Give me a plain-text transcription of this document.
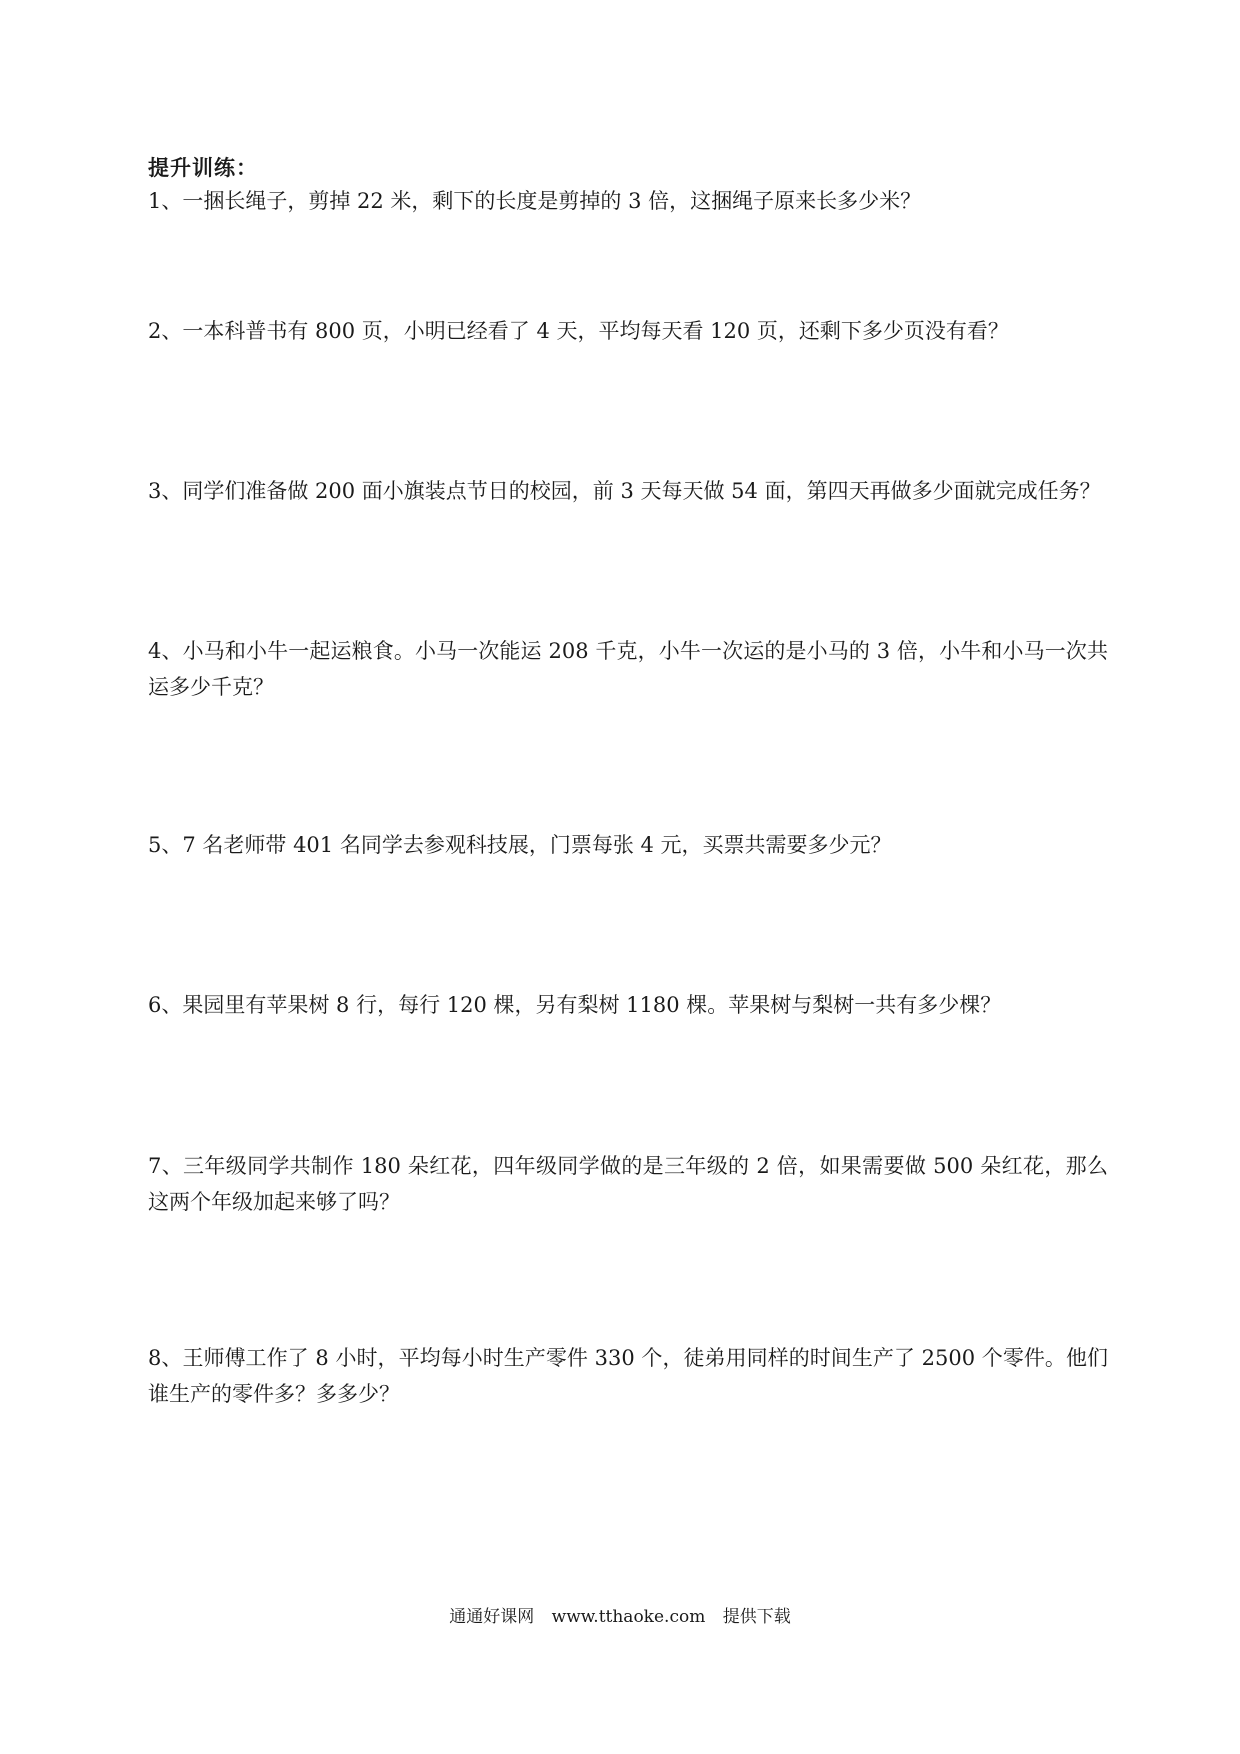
提升训练：

1、一捆长绳子，剪掉 22 米，剩下的长度是剪掉的 3 倍，这捆绳子原来长多少米？

2、一本科普书有 800 页，小明已经看了 4 天，平均每天看 120 页，还剩下多少页没有看？

3、同学们准备做 200 面小旗装点节日的校园，前 3 天每天做 54 面，第四天再做多少面就完成任务？

4、小马和小牛一起运粮食。小马一次能运 208 千克，小牛一次运的是小马的 3 倍，小牛和小马一次共运多少千克？

5、7 名老师带 401 名同学去参观科技展，门票每张 4 元，买票共需要多少元？

6、果园里有苹果树 8 行，每行 120 棵，另有梨树 1180 棵。苹果树与梨树一共有多少棵？

7、三年级同学共制作 180 朵红花，四年级同学做的是三年级的 2 倍，如果需要做 500 朵红花，那么这两个年级加起来够了吗？

8、王师傅工作了 8 小时，平均每小时生产零件 330 个，徒弟用同样的时间生产了 2500 个零件。他们谁生产的零件多？多多少？

通通好课网 www.tthaoke.com 提供下载
